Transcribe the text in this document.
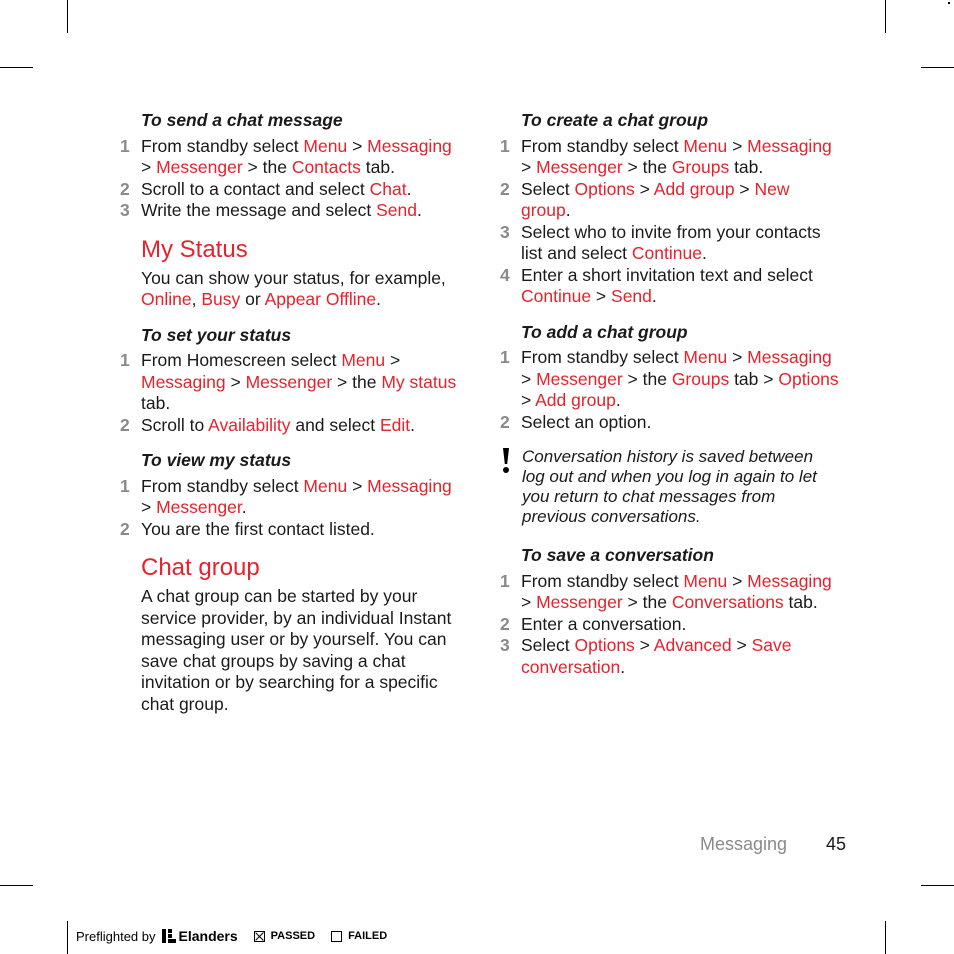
To send a chat message
1 From standby select Menu > Messaging > Messenger > the Contacts tab.
2 Scroll to a contact and select Chat.
3 Write the message and select Send.
My Status
You can show your status, for example, Online, Busy or Appear Offline.
To set your status
1 From Homescreen select Menu > Messaging > Messenger > the My status tab.
2 Scroll to Availability and select Edit.
To view my status
1 From standby select Menu > Messaging > Messenger.
2 You are the first contact listed.
Chat group
A chat group can be started by your service provider, by an individual Instant messaging user or by yourself. You can save chat groups by saving a chat invitation or by searching for a specific chat group.
To create a chat group
1 From standby select Menu > Messaging > Messenger > the Groups tab.
2 Select Options > Add group > New group.
3 Select who to invite from your contacts list and select Continue.
4 Enter a short invitation text and select Continue > Send.
To add a chat group
1 From standby select Menu > Messaging > Messenger > the Groups tab > Options > Add group.
2 Select an option.
Conversation history is saved between log out and when you log in again to let you return to chat messages from previous conversations.
To save a conversation
1 From standby select Menu > Messaging > Messenger > the Conversations tab.
2 Enter a conversation.
3 Select Options > Advanced > Save conversation.
Messaging 45
Preflighted by Elanders	PASSED	FAILED
